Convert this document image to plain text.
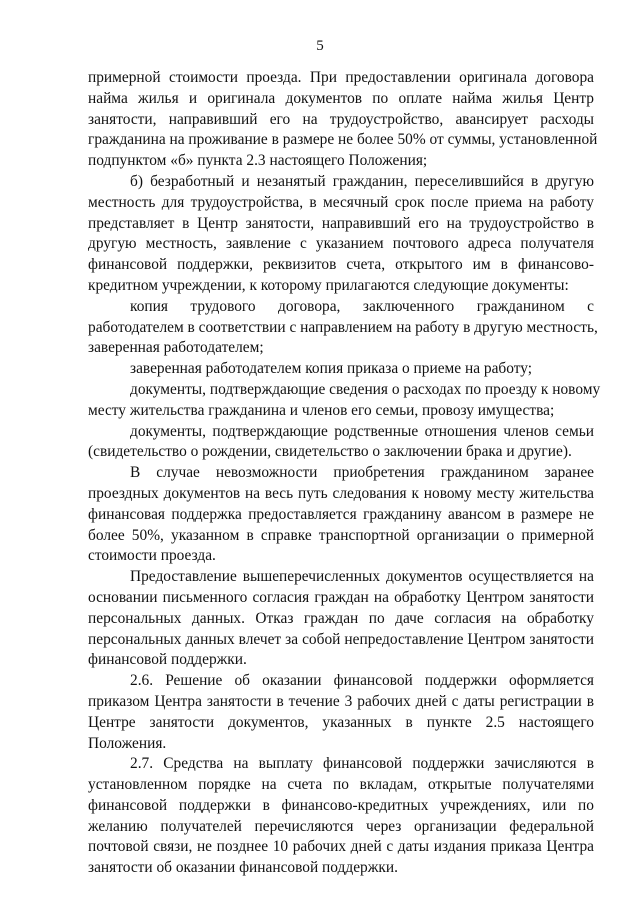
5

примерной стоимости проезда. При предоставлении оригинала договора
найма жилья и оригинала документов по оплате найма жилья Центр
занятости, направивший его на трудоустройство, авансирует расходы
гражданина на проживание в размере не более 50% от суммы, установленной
подпунктом «б» пункта 2.3 настоящего Положения;

б) безработный и незанятый гражданин, переселившийся в другую
местность для трудоустройства, в месячный срок после приема на работу
представляет в Центр занятости, направивший его на трудоустройство в
другую местность, заявление с указанием почтового адреса получателя
финансовой поддержки, реквизитов счета, открытого им в финансово-
кредитном учреждении, к которому прилагаются следующие документы:

копия трудового договора, заключенного гражданином с
работодателем в соответствии с направлением на работу в другую местность,
заверенная работодателем;

заверенная работодателем копия приказа о приеме на работу;

документы, подтверждающие сведения о расходах по проезду к новому
месту жительства гражданина и членов его семьи, провозу имущества;

документы, подтверждающие родственные отношения членов семьи
(свидетельство о рождении, свидетельство о заключении брака и другие).

В случае невозможности приобретения гражданином заранее
проездных документов на весь путь следования к новому месту жительства
финансовая поддержка предоставляется гражданину авансом в размере не
более 50%, указанном в справке транспортной организации о примерной
стоимости проезда.

Предоставление вышеперечисленных документов осуществляется на
основании письменного согласия граждан на обработку Центром занятости
персональных данных. Отказ граждан по даче согласия на обработку
персональных данных влечет за собой непредоставление Центром занятости
финансовой поддержки.

2.6. Решение об оказании финансовой поддержки оформляется
приказом Центра занятости в течение 3 рабочих дней с даты регистрации в
Центре занятости документов, указанных в пункте 2.5 настоящего
Положения.

2.7. Средства на выплату финансовой поддержки зачисляются в
установленном порядке на счета по вкладам, открытые получателями
финансовой поддержки в финансово-кредитных учреждениях, или по
желанию получателей перечисляются через организации федеральной
почтовой связи, не позднее 10 рабочих дней с даты издания приказа Центра
занятости об оказании финансовой поддержки.
